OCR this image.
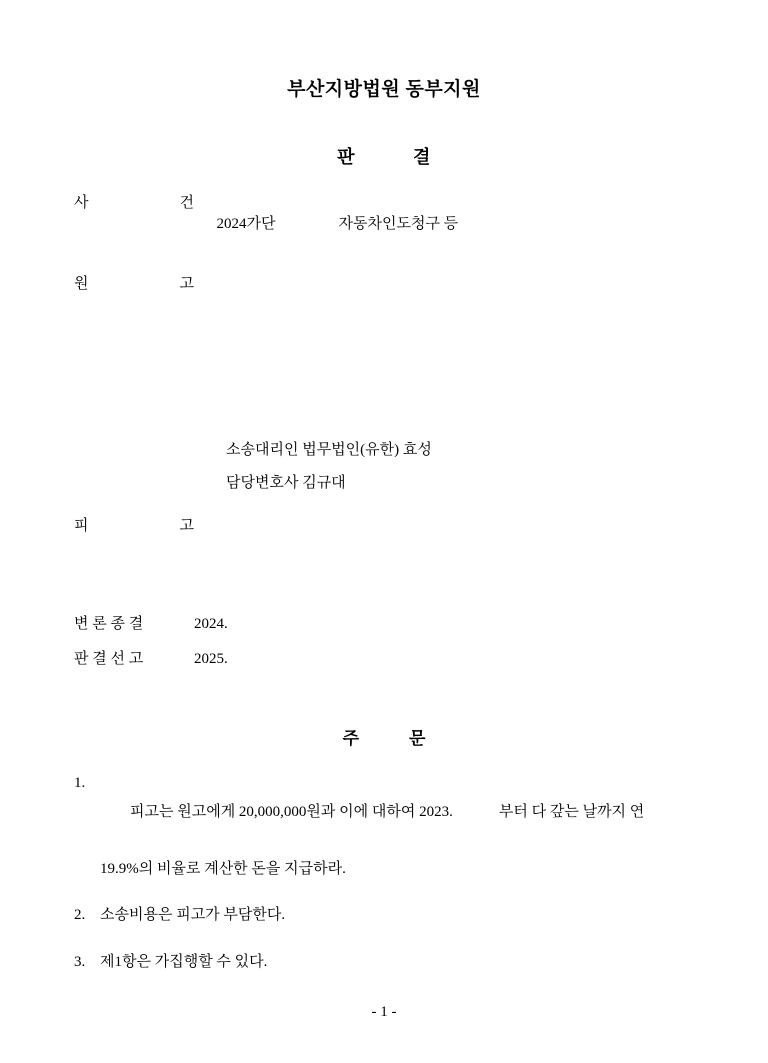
부산지방법원 동부지원
판	결
사	건

2024가단	자동차인도청구 등

원	고
소송대리인 법무법인(유한) 효성
담당변호사 김규대
피	고
변 론 종 결	2024.
판 결 선 고	2025.
주	문
1.

피고는 원고에게 20,000,000원과 이에 대하여 2023.	부터 다 갚는 날까지 연

19.9%의 비율로 계산한 돈을 지급하라.
2. 소송비용은 피고가 부담한다.
3. 제1항은 가집행할 수 있다.
- 1 -
